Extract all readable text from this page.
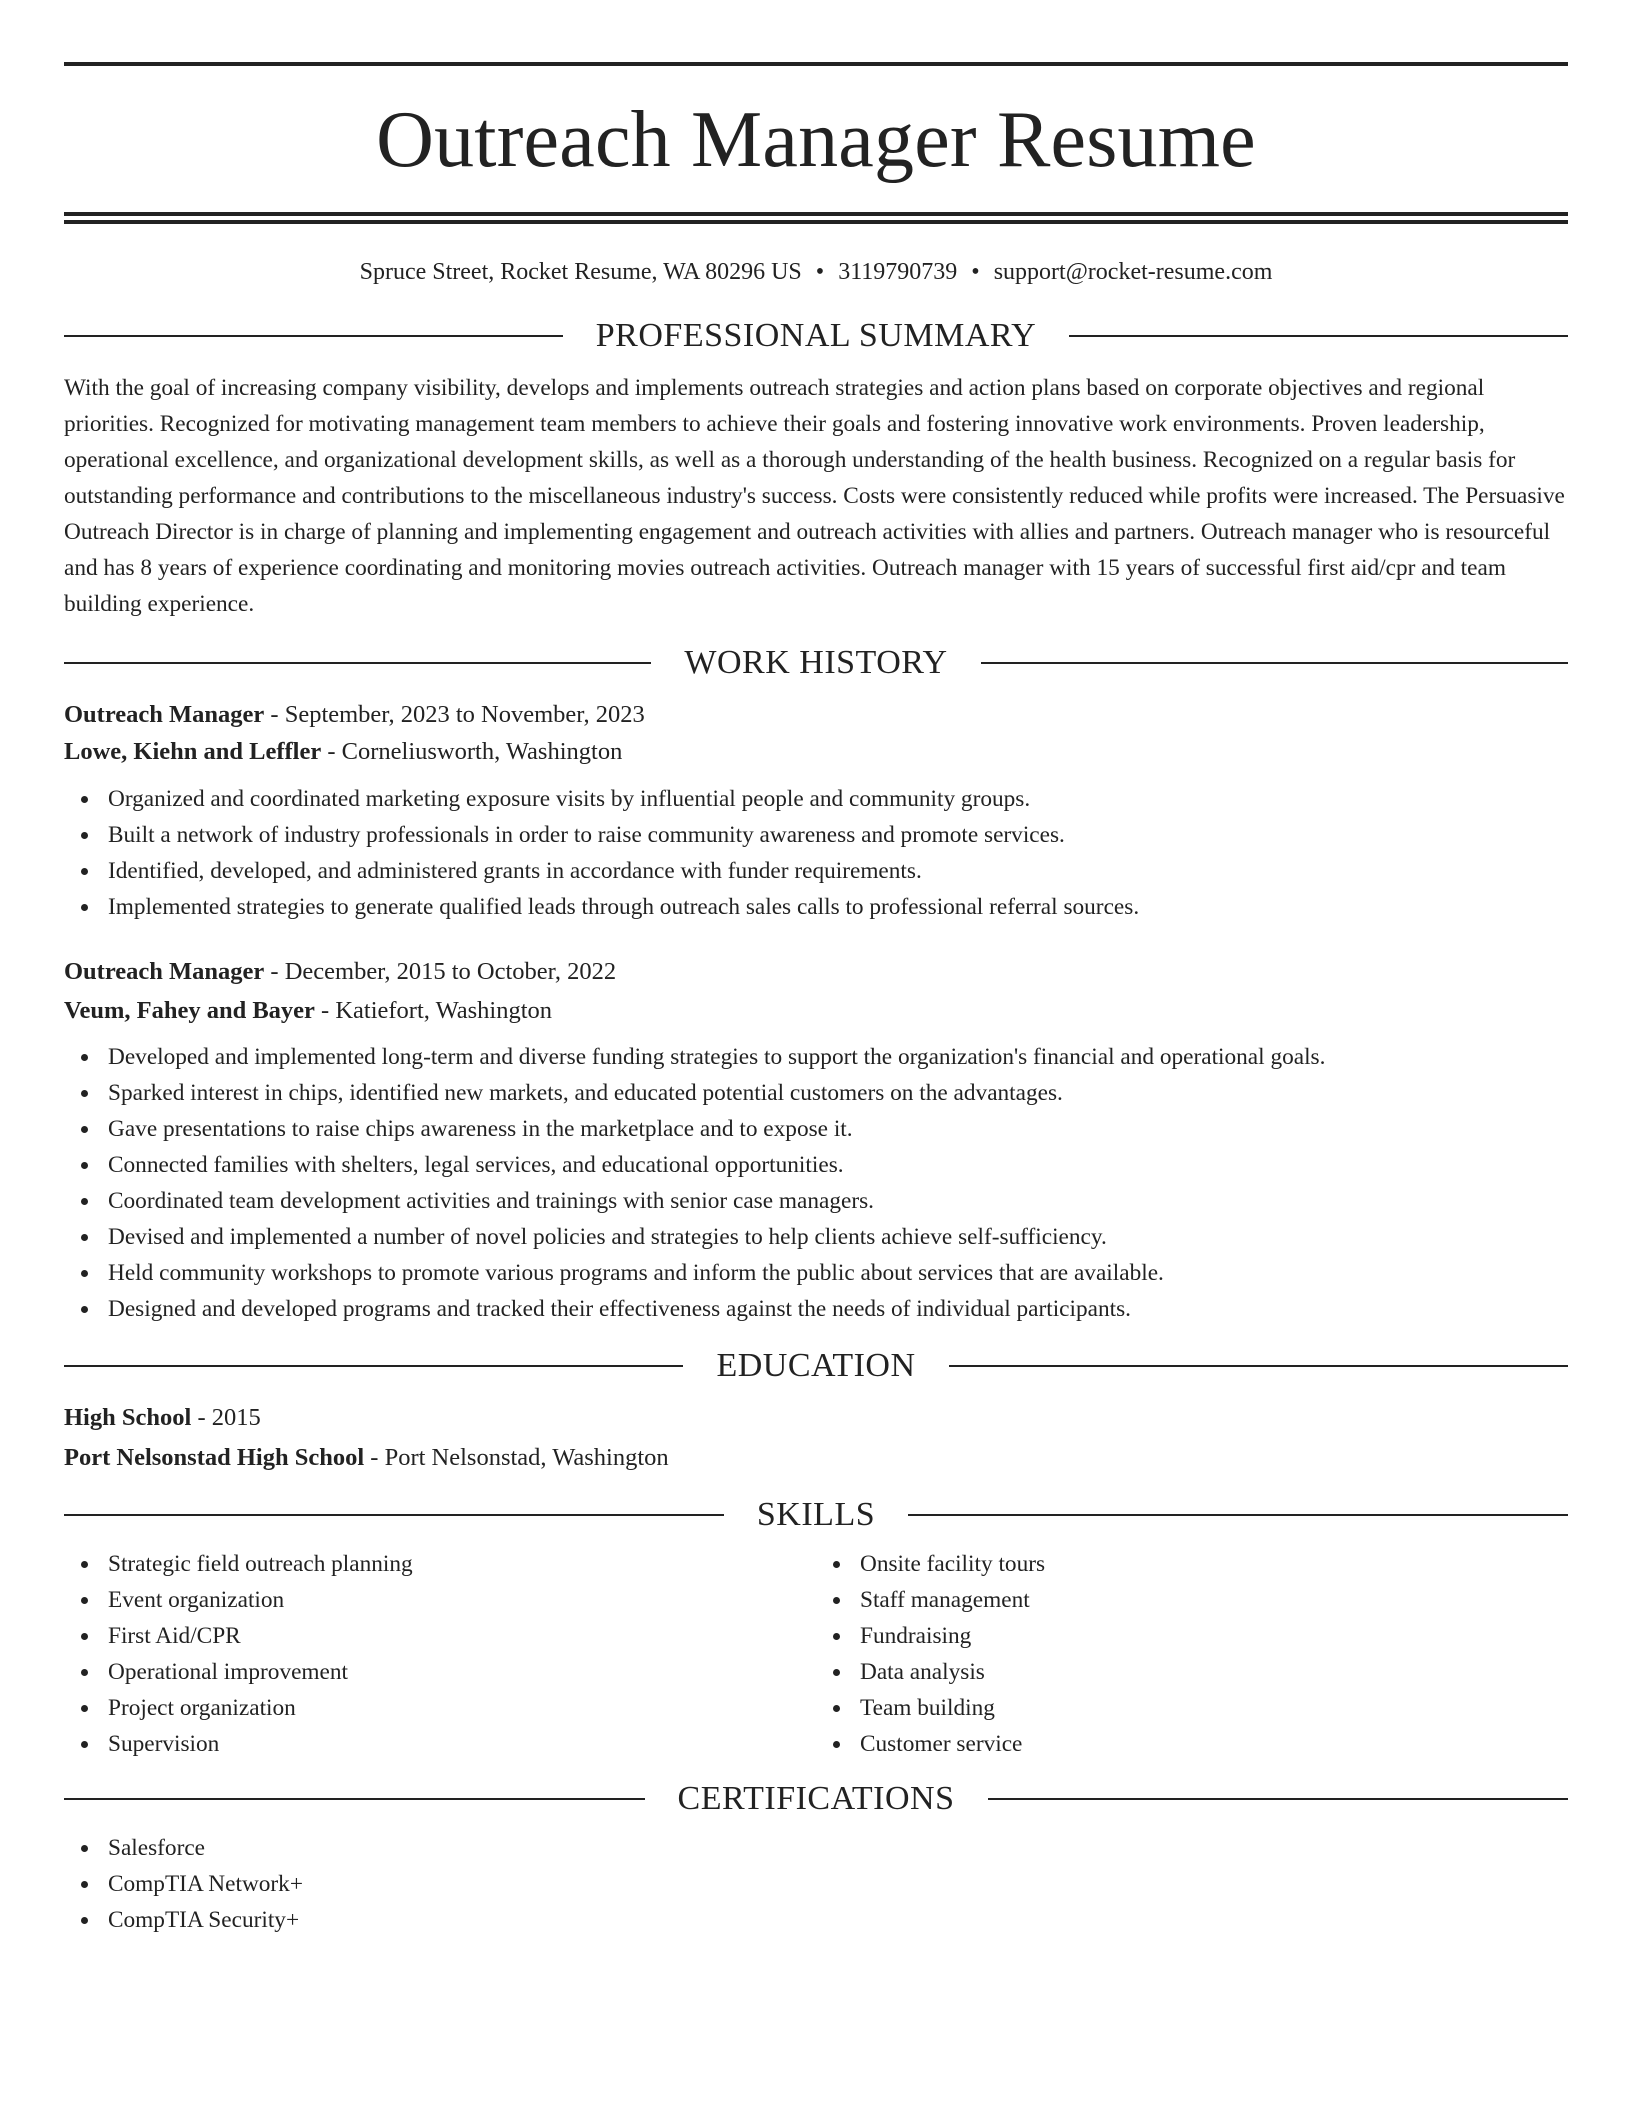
Outreach Manager Resume
Spruce Street, Rocket Resume, WA 80296 US • 3119790739 • support@rocket-resume.com
PROFESSIONAL SUMMARY

With the goal of increasing company visibility, develops and implements outreach strategies and action plans based on corporate objectives and regional priorities. Recognized for motivating management team members to achieve their goals and fostering innovative work environments. Proven leadership, operational excellence, and organizational development skills, as well as a thorough understanding of the health business. Recognized on a regular basis for outstanding performance and contributions to the miscellaneous industry's success. Costs were consistently reduced while profits were increased. The Persuasive Outreach Director is in charge of planning and implementing engagement and outreach activities with allies and partners. Outreach manager who is resourceful and has 8 years of experience coordinating and monitoring movies outreach activities. Outreach manager with 15 years of successful first aid/cpr and team building experience.

WORK HISTORY
Outreach Manager - September, 2023 to November, 2023
Lowe, Kiehn and Leffler - Corneliusworth, Washington
Organized and coordinated marketing exposure visits by influential people and community groups.
Built a network of industry professionals in order to raise community awareness and promote services.
Identified, developed, and administered grants in accordance with funder requirements.
Implemented strategies to generate qualified leads through outreach sales calls to professional referral sources.
Outreach Manager - December, 2015 to October, 2022
Veum, Fahey and Bayer - Katiefort, Washington
Developed and implemented long-term and diverse funding strategies to support the organization's financial and operational goals.
Sparked interest in chips, identified new markets, and educated potential customers on the advantages.
Gave presentations to raise chips awareness in the marketplace and to expose it.
Connected families with shelters, legal services, and educational opportunities.
Coordinated team development activities and trainings with senior case managers.
Devised and implemented a number of novel policies and strategies to help clients achieve self-sufficiency.
Held community workshops to promote various programs and inform the public about services that are available.
Designed and developed programs and tracked their effectiveness against the needs of individual participants.
EDUCATION
High School - 2015
Port Nelsonstad High School - Port Nelsonstad, Washington
SKILLS
Strategic field outreach planning
Event organization
First Aid/CPR
Operational improvement
Project organization
Supervision
Onsite facility tours
Staff management
Fundraising
Data analysis
Team building
Customer service
CERTIFICATIONS
Salesforce
CompTIA Network+
CompTIA Security+
